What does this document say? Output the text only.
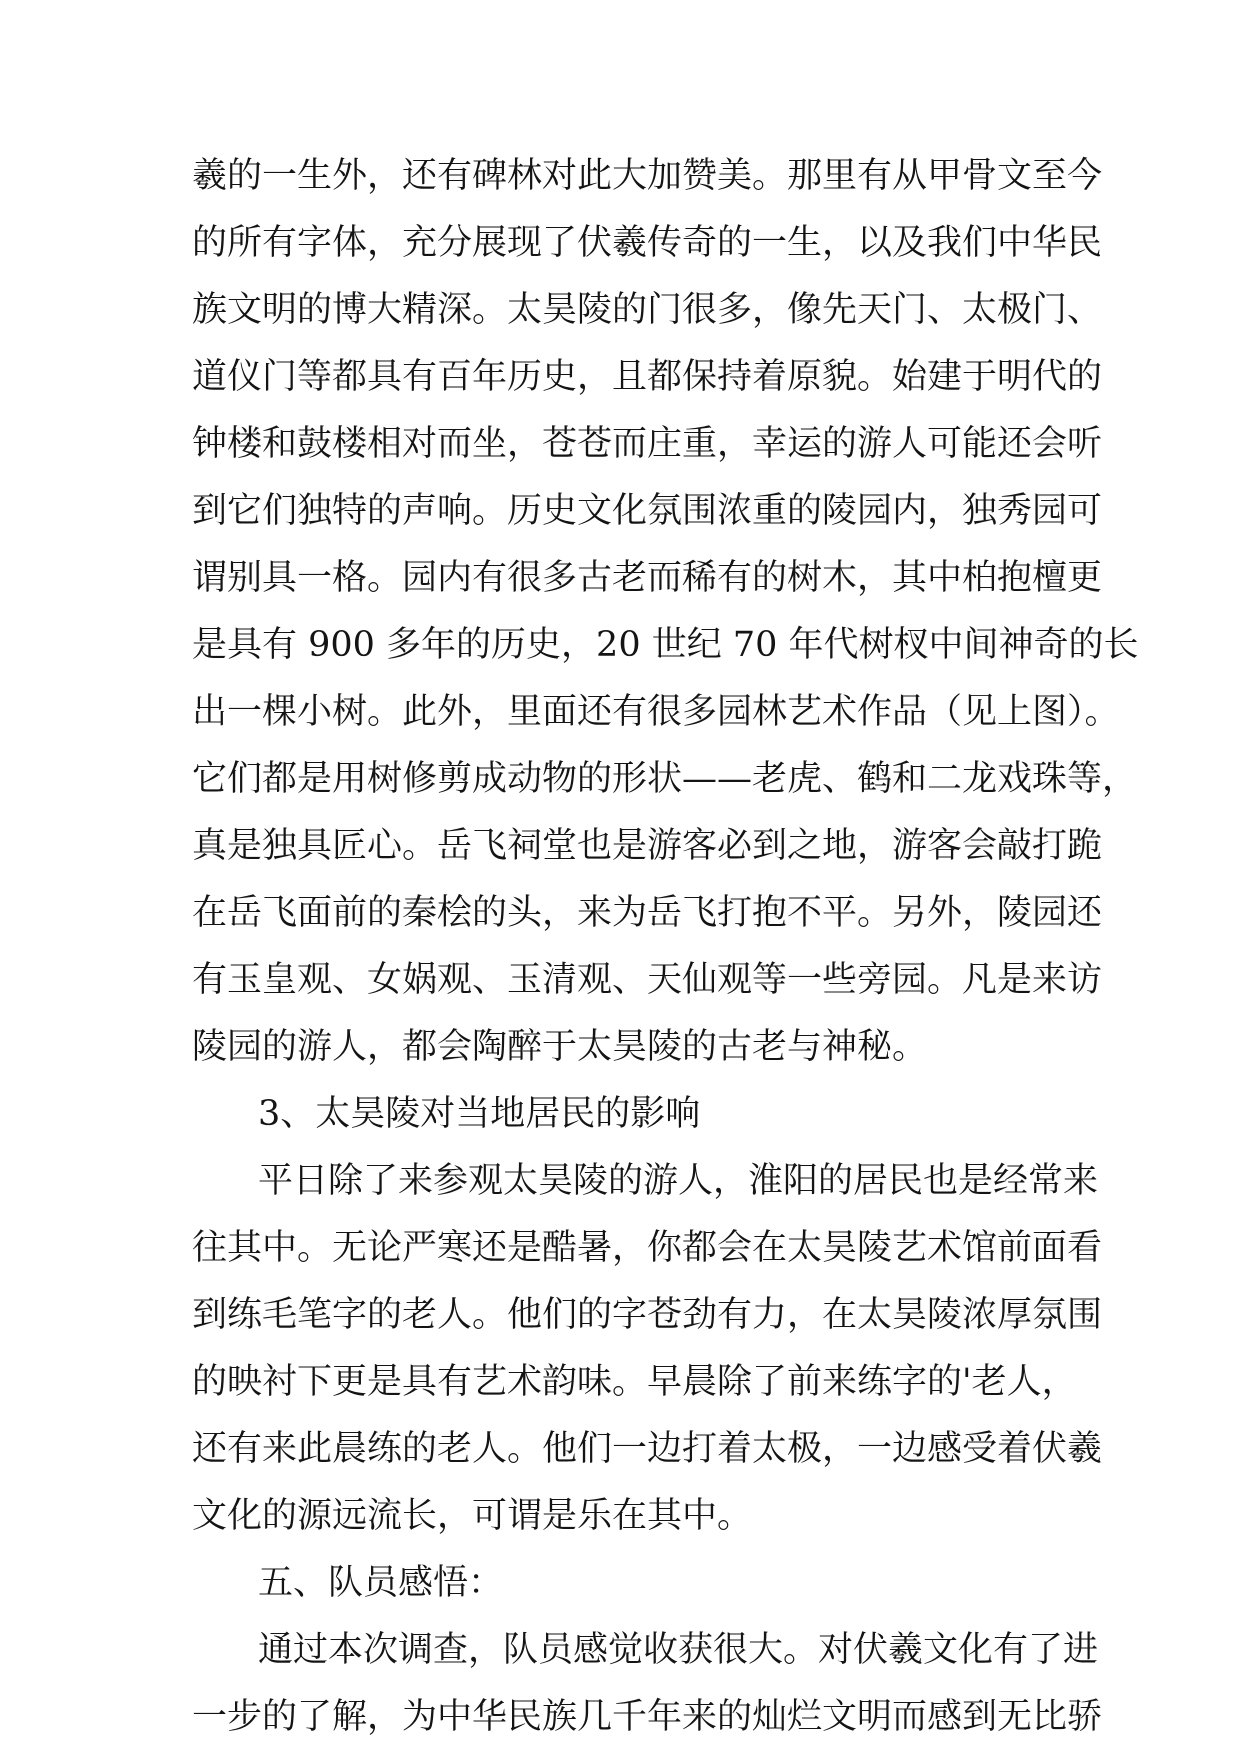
羲的一生外，还有碑林对此大加赞美。那里有从甲骨文至今
的所有字体，充分展现了伏羲传奇的一生，以及我们中华民
族文明的博大精深。太昊陵的门很多，像先天门、太极门、
道仪门等都具有百年历史，且都保持着原貌。始建于明代的
钟楼和鼓楼相对而坐，苍苍而庄重，幸运的游人可能还会听
到它们独特的声响。历史文化氛围浓重的陵园内，独秀园可
谓别具一格。园内有很多古老而稀有的树木，其中柏抱檀更
是具有 900 多年的历史，20 世纪 70 年代树杈中间神奇的长
出一棵小树。此外，里面还有很多园林艺术作品（见上图）。
它们都是用树修剪成动物的形状——老虎、鹤和二龙戏珠等，
真是独具匠心。岳飞祠堂也是游客必到之地，游客会敲打跪
在岳飞面前的秦桧的头，来为岳飞打抱不平。另外，陵园还
有玉皇观、女娲观、玉清观、天仙观等一些旁园。凡是来访
陵园的游人，都会陶醉于太昊陵的古老与神秘。
3、太昊陵对当地居民的影响
平日除了来参观太昊陵的游人，淮阳的居民也是经常来
往其中。无论严寒还是酷暑，你都会在太昊陵艺术馆前面看
到练毛笔字的老人。他们的字苍劲有力，在太昊陵浓厚氛围
的映衬下更是具有艺术韵味。早晨除了前来练字的'老人，
还有来此晨练的老人。他们一边打着太极，一边感受着伏羲
文化的源远流长，可谓是乐在其中。
五、队员感悟：
通过本次调查，队员感觉收获很大。对伏羲文化有了进
一步的了解，为中华民族几千年来的灿烂文明而感到无比骄
